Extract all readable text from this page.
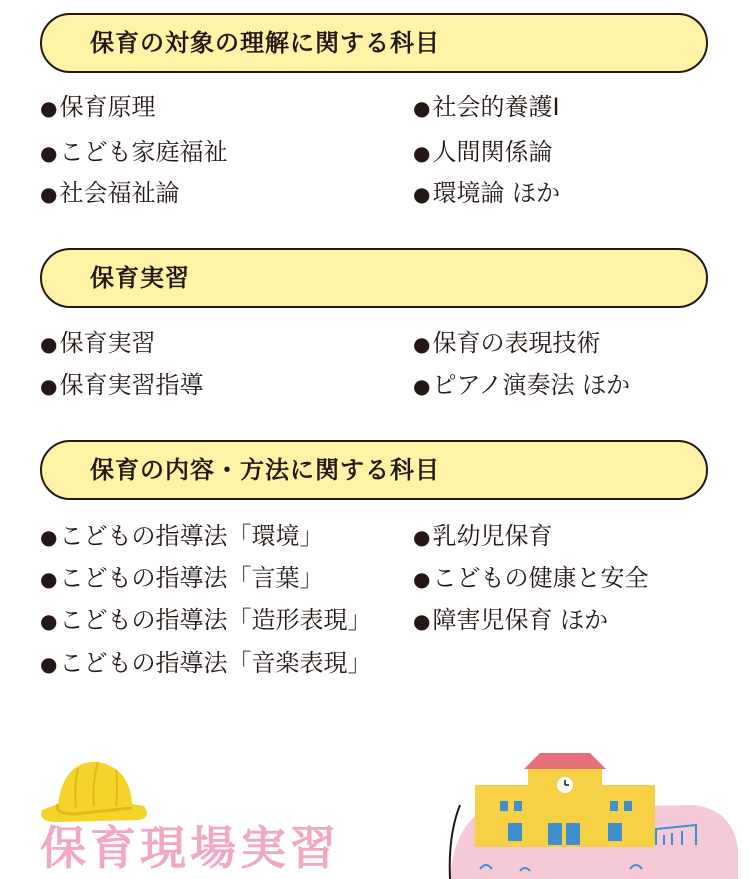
保育の対象の理解に関する科目
● 保育原理
● こども家庭福祉
● 社会福祉論
● 社会的養護Ⅰ
● 人間関係論
● 環境論 ほか
保育実習
● 保育実習
● 保育実習指導
● 保育の表現技術
● ピアノ演奏法 ほか
保育の内容・方法に関する科目
● こどもの指導法「環境」
● こどもの指導法「言葉」
● こどもの指導法「造形表現」
● こどもの指導法「音楽表現」
● 乳幼児保育
● こどもの健康と安全
● 障害児保育 ほか
保育現場実習
